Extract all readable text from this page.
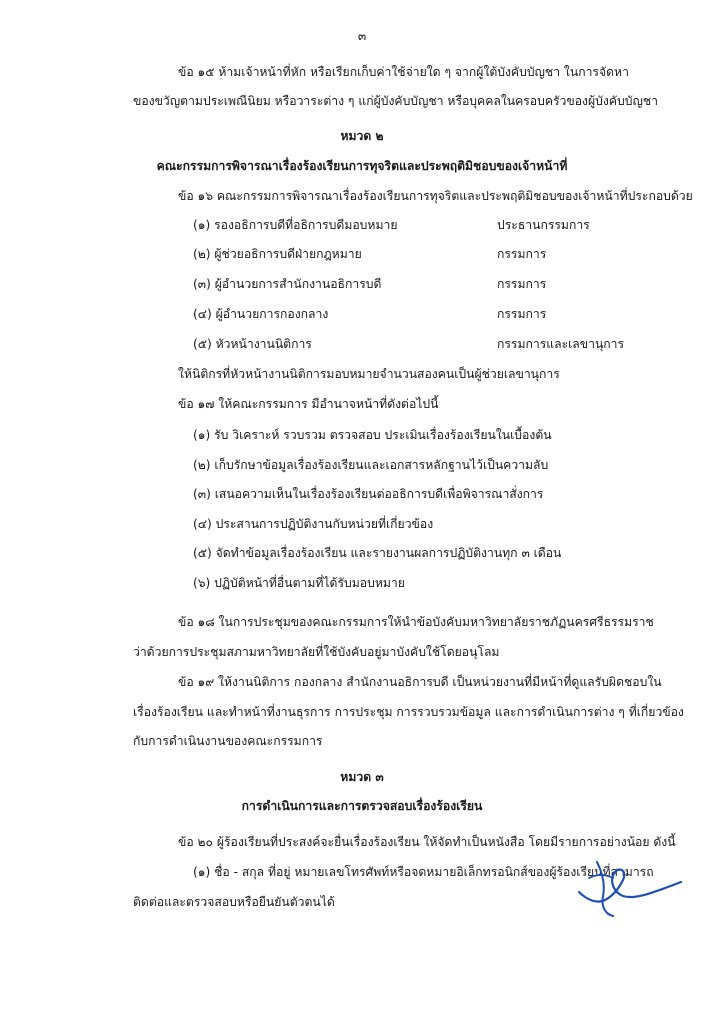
๓
ข้อ ๑๕ ห้ามเจ้าหน้าที่หัก หรือเรียกเก็บค่าใช้จ่ายใด ๆ จากผู้ใต้บังคับบัญชา ในการจัดหา
ของขวัญตามประเพณีนิยม หรือวาระต่าง ๆ แก่ผู้บังคับบัญชา หรือบุคคลในครอบครัวของผู้บังคับบัญชา
หมวด ๒
คณะกรรมการพิจารณาเรื่องร้องเรียนการทุจริตและประพฤติมิชอบของเจ้าหน้าที่
ข้อ ๑๖ คณะกรรมการพิจารณาเรื่องร้องเรียนการทุจริตและประพฤติมิชอบของเจ้าหน้าที่ประกอบด้วย
(๑) รองอธิการบดีที่อธิการบดีมอบหมาย	ประธานกรรมการ
(๒) ผู้ช่วยอธิการบดีฝ่ายกฎหมาย	กรรมการ
(๓) ผู้อำนวยการสำนักงานอธิการบดี	กรรมการ
(๔) ผู้อำนวยการกองกลาง	กรรมการ
(๕) หัวหน้างานนิติการ	กรรมการและเลขานุการ
ให้นิติกรที่หัวหน้างานนิติการมอบหมายจำนวนสองคนเป็นผู้ช่วยเลขานุการ
ข้อ ๑๗ ให้คณะกรรมการ มีอำนาจหน้าที่ดังต่อไปนี้
(๑) รับ วิเคราะห์ รวบรวม ตรวจสอบ ประเมินเรื่องร้องเรียนในเบื้องต้น
(๒) เก็บรักษาข้อมูลเรื่องร้องเรียนและเอกสารหลักฐานไว้เป็นความลับ
(๓) เสนอความเห็นในเรื่องร้องเรียนต่ออธิการบดีเพื่อพิจารณาสั่งการ
(๔) ประสานการปฏิบัติงานกับหน่วยที่เกี่ยวข้อง
(๕) จัดทำข้อมูลเรื่องร้องเรียน และรายงานผลการปฏิบัติงานทุก ๓ เดือน
(๖) ปฏิบัติหน้าที่อื่นตามที่ได้รับมอบหมาย
ข้อ ๑๘ ในการประชุมของคณะกรรมการให้นำข้อบังคับมหาวิทยาลัยราชภัฏนครศรีธรรมราช
ว่าด้วยการประชุมสภามหาวิทยาลัยที่ใช้บังคับอยู่มาบังคับใช้โดยอนุโลม
ข้อ ๑๙ ให้งานนิติการ กองกลาง สำนักงานอธิการบดี เป็นหน่วยงานที่มีหน้าที่ดูแลรับผิดชอบใน
เรื่องร้องเรียน และทำหน้าที่งานธุรการ การประชุม การรวบรวมข้อมูล และการดำเนินการต่าง ๆ ที่เกี่ยวข้อง
กับการดำเนินงานของคณะกรรมการ
หมวด ๓
การดำเนินการและการตรวจสอบเรื่องร้องเรียน
ข้อ ๒๐ ผู้ร้องเรียนที่ประสงค์จะยื่นเรื่องร้องเรียน ให้จัดทำเป็นหนังสือ โดยมีรายการอย่างน้อย ดังนี้
(๑) ชื่อ - สกุล ที่อยู่ หมายเลขโทรศัพท์หรือจดหมายอิเล็กทรอนิกส์ของผู้ร้องเรียนที่สามารถ
ติดต่อและตรวจสอบหรือยืนยันตัวตนได้
